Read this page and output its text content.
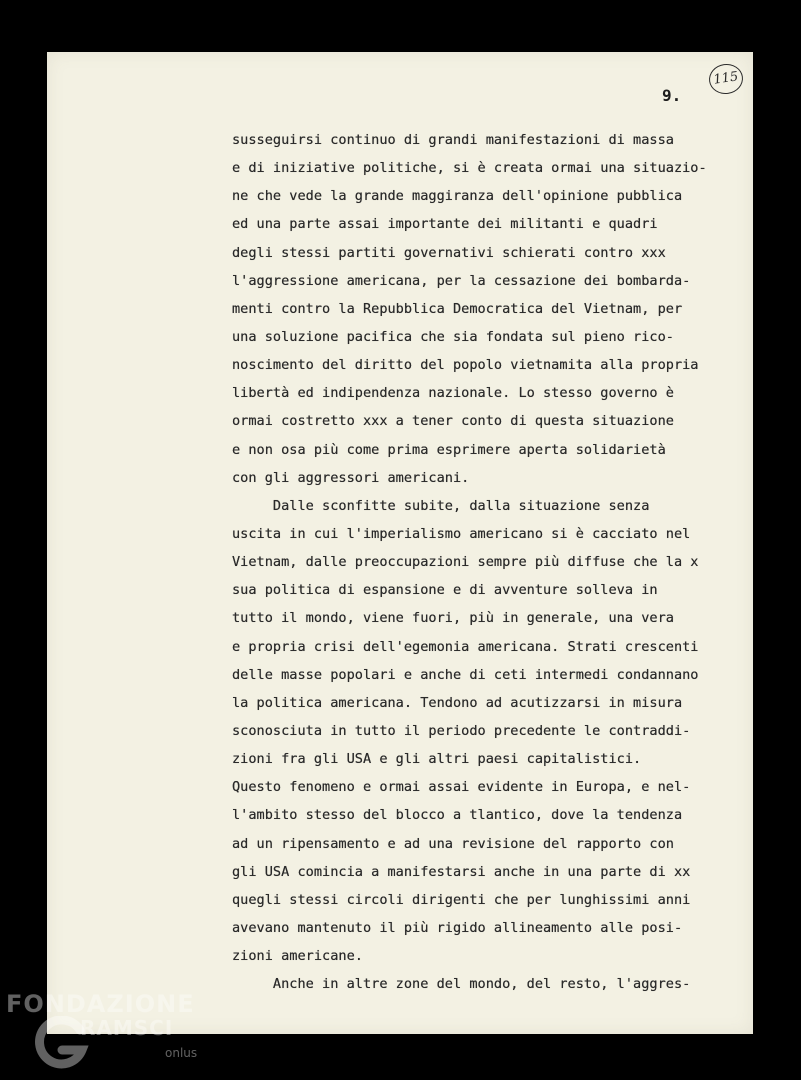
9.
115
susseguirsi continuo di grandi manifestazioni di massa
e di iniziative politiche, si è creata ormai una situazio-
ne che vede la grande maggiranza dell'opinione pubblica
ed una parte assai importante dei militanti e quadri
degli stessi partiti governativi schierati contro xxx
l'aggressione americana, per la cessazione dei bombarda-
menti contro la Repubblica Democratica del Vietnam, per
una soluzione pacifica che sia fondata sul pieno rico-
noscimento del diritto del popolo vietnamita alla propria
libertà ed indipendenza nazionale. Lo stesso governo è
ormai costretto xxx a tener conto di questa situazione
e non osa più come prima esprimere aperta solidarietà
con gli aggressori americani.
Dalle sconfitte subite, dalla situazione senza
uscita in cui l'imperialismo americano si è cacciato nel
Vietnam, dalle preoccupazioni sempre più diffuse che la x
sua politica di espansione e di avventure solleva in
tutto il mondo, viene fuori, più in generale, una vera
e propria crisi dell'egemonia americana. Strati crescenti
delle masse popolari e anche di ceti intermedi condannano
la politica americana. Tendono ad acutizzarsi in misura
sconosciuta in tutto il periodo precedente le contraddi-
zioni fra gli USA e gli altri paesi capitalistici.
Questo fenomeno e ormai assai evidente in Europa, e nel-
l'ambito stesso del blocco a tlantico, dove la tendenza
ad un ripensamento e ad una revisione del rapporto con
gli USA comincia a manifestarsi anche in una parte di xx
quegli stessi circoli dirigenti che per lunghissimi anni
avevano mantenuto il più rigido allineamento alle posi-
zioni americane.
Anche in altre zone del mondo, del resto, l'aggres-
FONDAZIONE
RAMSCI
onlus
